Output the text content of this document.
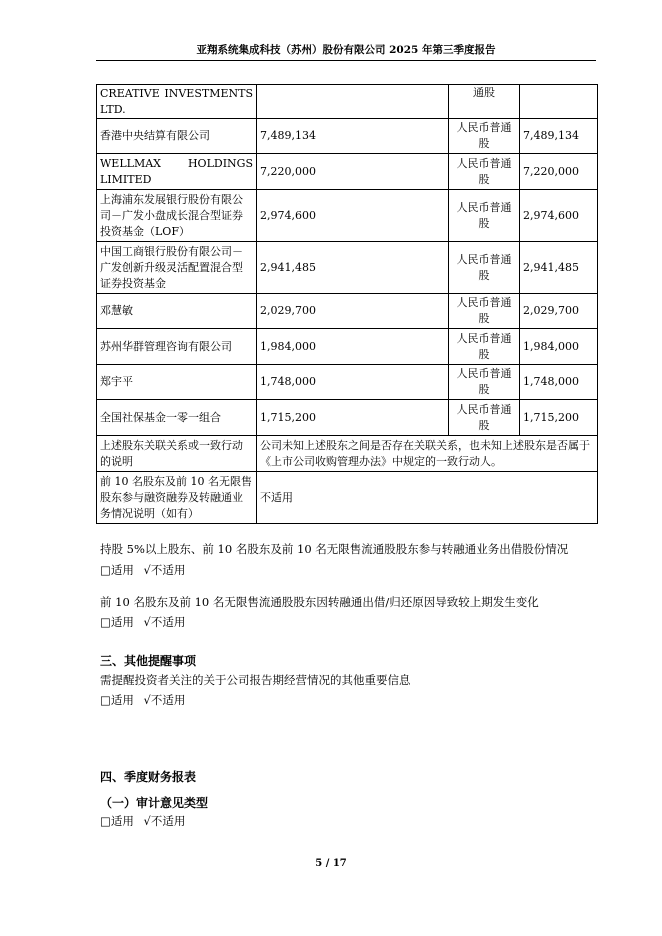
亚翔系统集成科技（苏州）股份有限公司 2025 年第三季度报告
CREATIVE INVESTMENTS LTD.		通股	
香港中央结算有限公司	7,489,134	人民币普通股	7,489,134
WELLMAX HOLDINGS LIMITED	7,220,000	人民币普通股	7,220,000
上海浦东发展银行股份有限公司－广发小盘成长混合型证券投资基金（LOF）	2,974,600	人民币普通股	2,974,600
中国工商银行股份有限公司－广发创新升级灵活配置混合型证券投资基金	2,941,485	人民币普通股	2,941,485
邓慧敏	2,029,700	人民币普通股	2,029,700
苏州华群管理咨询有限公司	1,984,000	人民币普通股	1,984,000
郑宇平	1,748,000	人民币普通股	1,748,000
全国社保基金一零一组合	1,715,200	人民币普通股	1,715,200
上述股东关联关系或一致行动的说明	公司未知上述股东之间是否存在关联关系，也未知上述股东是否属于《上市公司收购管理办法》中规定的一致行动人。		
前 10 名股东及前 10 名无限售股东参与融资融券及转融通业务情况说明（如有）	不适用		
持股 5%以上股东、前 10 名股东及前 10 名无限售流通股股东参与转融通业务出借股份情况
□适用 √不适用
前 10 名股东及前 10 名无限售流通股股东因转融通出借/归还原因导致较上期发生变化
□适用 √不适用
三、其他提醒事项
需提醒投资者关注的关于公司报告期经营情况的其他重要信息
□适用 √不适用
四、季度财务报表
（一）审计意见类型
□适用 √不适用
5 / 17
